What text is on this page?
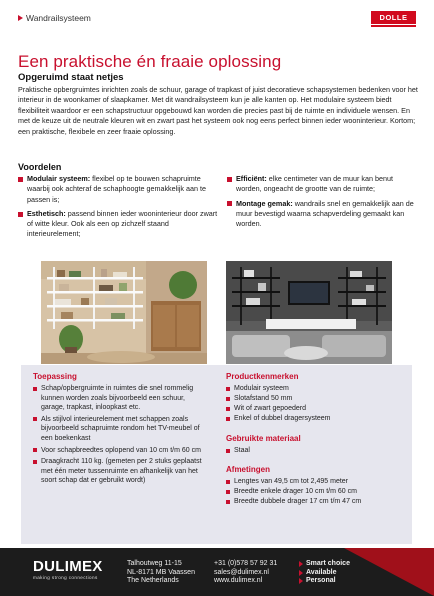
Wandrailsysteem	DOLLE
Een praktische én fraaie oplossing
Opgeruimd staat netjes

Praktische opbergruimtes inrichten zoals de schuur, garage of trapkast of juist decoratieve schapsystemen bedenken voor het interieur in de woonkamer of slaapkamer. Met dit wandrailsysteem kun je alle kanten op. Het modulaire systeem biedt flexibiliteit waardoor er een schapstructuur opgebouwd kan worden die precies past bij de ruimte en individuele wensen. En met de keuze uit de neutrale kleuren wit en zwart past het systeem ook nog eens perfect binnen ieder wooninterieur. Kortom; een praktische, flexibele en zeer fraaie oplossing.

Voordelen
Modulair systeem: flexibel op te bouwen schapruimte waarbij ook achteraf de schaphoogte gemakkelijk aan te passen is;
Esthetisch: passend binnen ieder wooninterieur door zwart of witte kleur. Ook als een op zichzelf staand interieurelement;
Efficiënt: elke centimeter van de muur kan benut worden, ongeacht de grootte van de ruimte;
Montage gemak: wandrails snel en gemakkelijk aan de muur bevestigd waarna schapverdeling gemaakt kan worden.
Toepassing
Schap/opbergruimte in ruimtes die snel rommelig kunnen worden zoals bijvoorbeeld een schuur, garage, trapkast, inloopkast etc.
Als stijlvol interieurelement met schappen zoals bijvoorbeeld schapruimte rondom het TV-meubel of een boekenkast
Voor schapbreedtes oplopend van 10 cm t/m 60 cm
Draagkracht 110 kg. (gemeten per 2 stuks geplaatst met één meter tussenruimte en afhankelijk van het soort schap dat er gebruikt wordt)
Productkenmerken
Modulair systeem
Slotafstand 50 mm
Wit of zwart gepoederd
Enkel of dubbel dragersysteem
Gebruikte materiaal
Staal
Afmetingen
Lengtes van 49,5 cm tot 2,495 meter
Breedte enkele drager 10 cm t/m 60 cm
Breedte dubbele drager 17 cm t/m 47 cm
DULIMEX
making strong connections
Talhoutweg 11-15
NL-8171 MB Vaassen
The Netherlands
+31 (0)578 57 92 31
sales@dulimex.nl
www.dulimex.nl
Smart choice
Available
Personal
